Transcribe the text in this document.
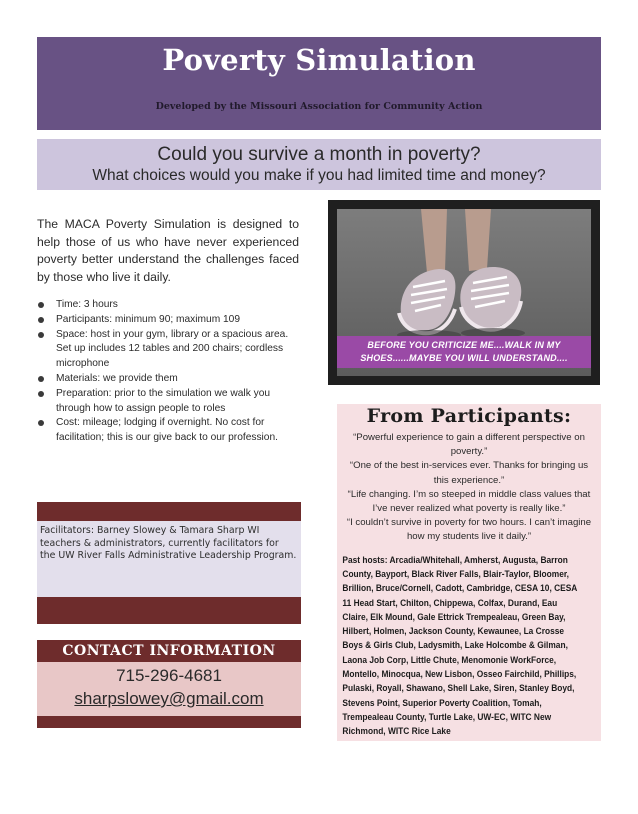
Poverty Simulation
Developed by the Missouri Association for Community Action
Could you survive a month in poverty?
What choices would you make if you had limited time and money?

The MACA Poverty Simulation is designed to help those of us who have never experienced poverty better understand the challenges faced by those who live it daily.

Time: 3 hours
Participants: minimum 90; maximum 109
Space: host in your gym, library or a spacious area. Set up includes 12 tables and 200 chairs; cordless microphone
Materials: we provide them
Preparation: prior to the simulation we walk you through how to assign people to roles
Cost: mileage; lodging if overnight. No cost for facilitation; this is our give back to our profession.
BEFORE YOU CRITICIZE ME....WALK IN MY
SHOES......MAYBE YOU WILL UNDERSTAND....
From Participants:
“Powerful experience to gain a different perspective on poverty.”
“One of the best in-services ever. Thanks for bringing us this experience.”
“Life changing. I’m so steeped in middle class values that I’ve never realized what poverty is really like.”
“I couldn’t survive in poverty for two hours. I can’t imagine how my students live it daily.”
Past hosts: Arcadia/Whitehall, Amherst, Augusta, Barron County, Bayport, Black River Falls, Blair-Taylor, Bloomer, Brillion, Bruce/Cornell, Cadott, Cambridge, CESA 10, CESA 11 Head Start, Chilton, Chippewa, Colfax, Durand, Eau Claire, Elk Mound, Gale Ettrick Trempealeau, Green Bay, Hilbert, Holmen, Jackson County, Kewaunee, La Crosse Boys & Girls Club, Ladysmith, Lake Holcombe & Gilman, Laona Job Corp, Little Chute, Menomonie WorkForce, Montello, Minocqua, New Lisbon, Osseo Fairchild, Phillips, Pulaski, Royall, Shawano, Shell Lake, Siren, Stanley Boyd, Stevens Point, Superior Poverty Coalition, Tomah, Trempealeau County, Turtle Lake, UW-EC, WITC New Richmond, WITC Rice Lake
Facilitators: Barney Slowey & Tamara Sharp WI teachers & administrators, currently facilitators for the UW River Falls Administrative Leadership Program.
CONTACT INFORMATION
715-296-4681
sharpslowey@gmail.com
